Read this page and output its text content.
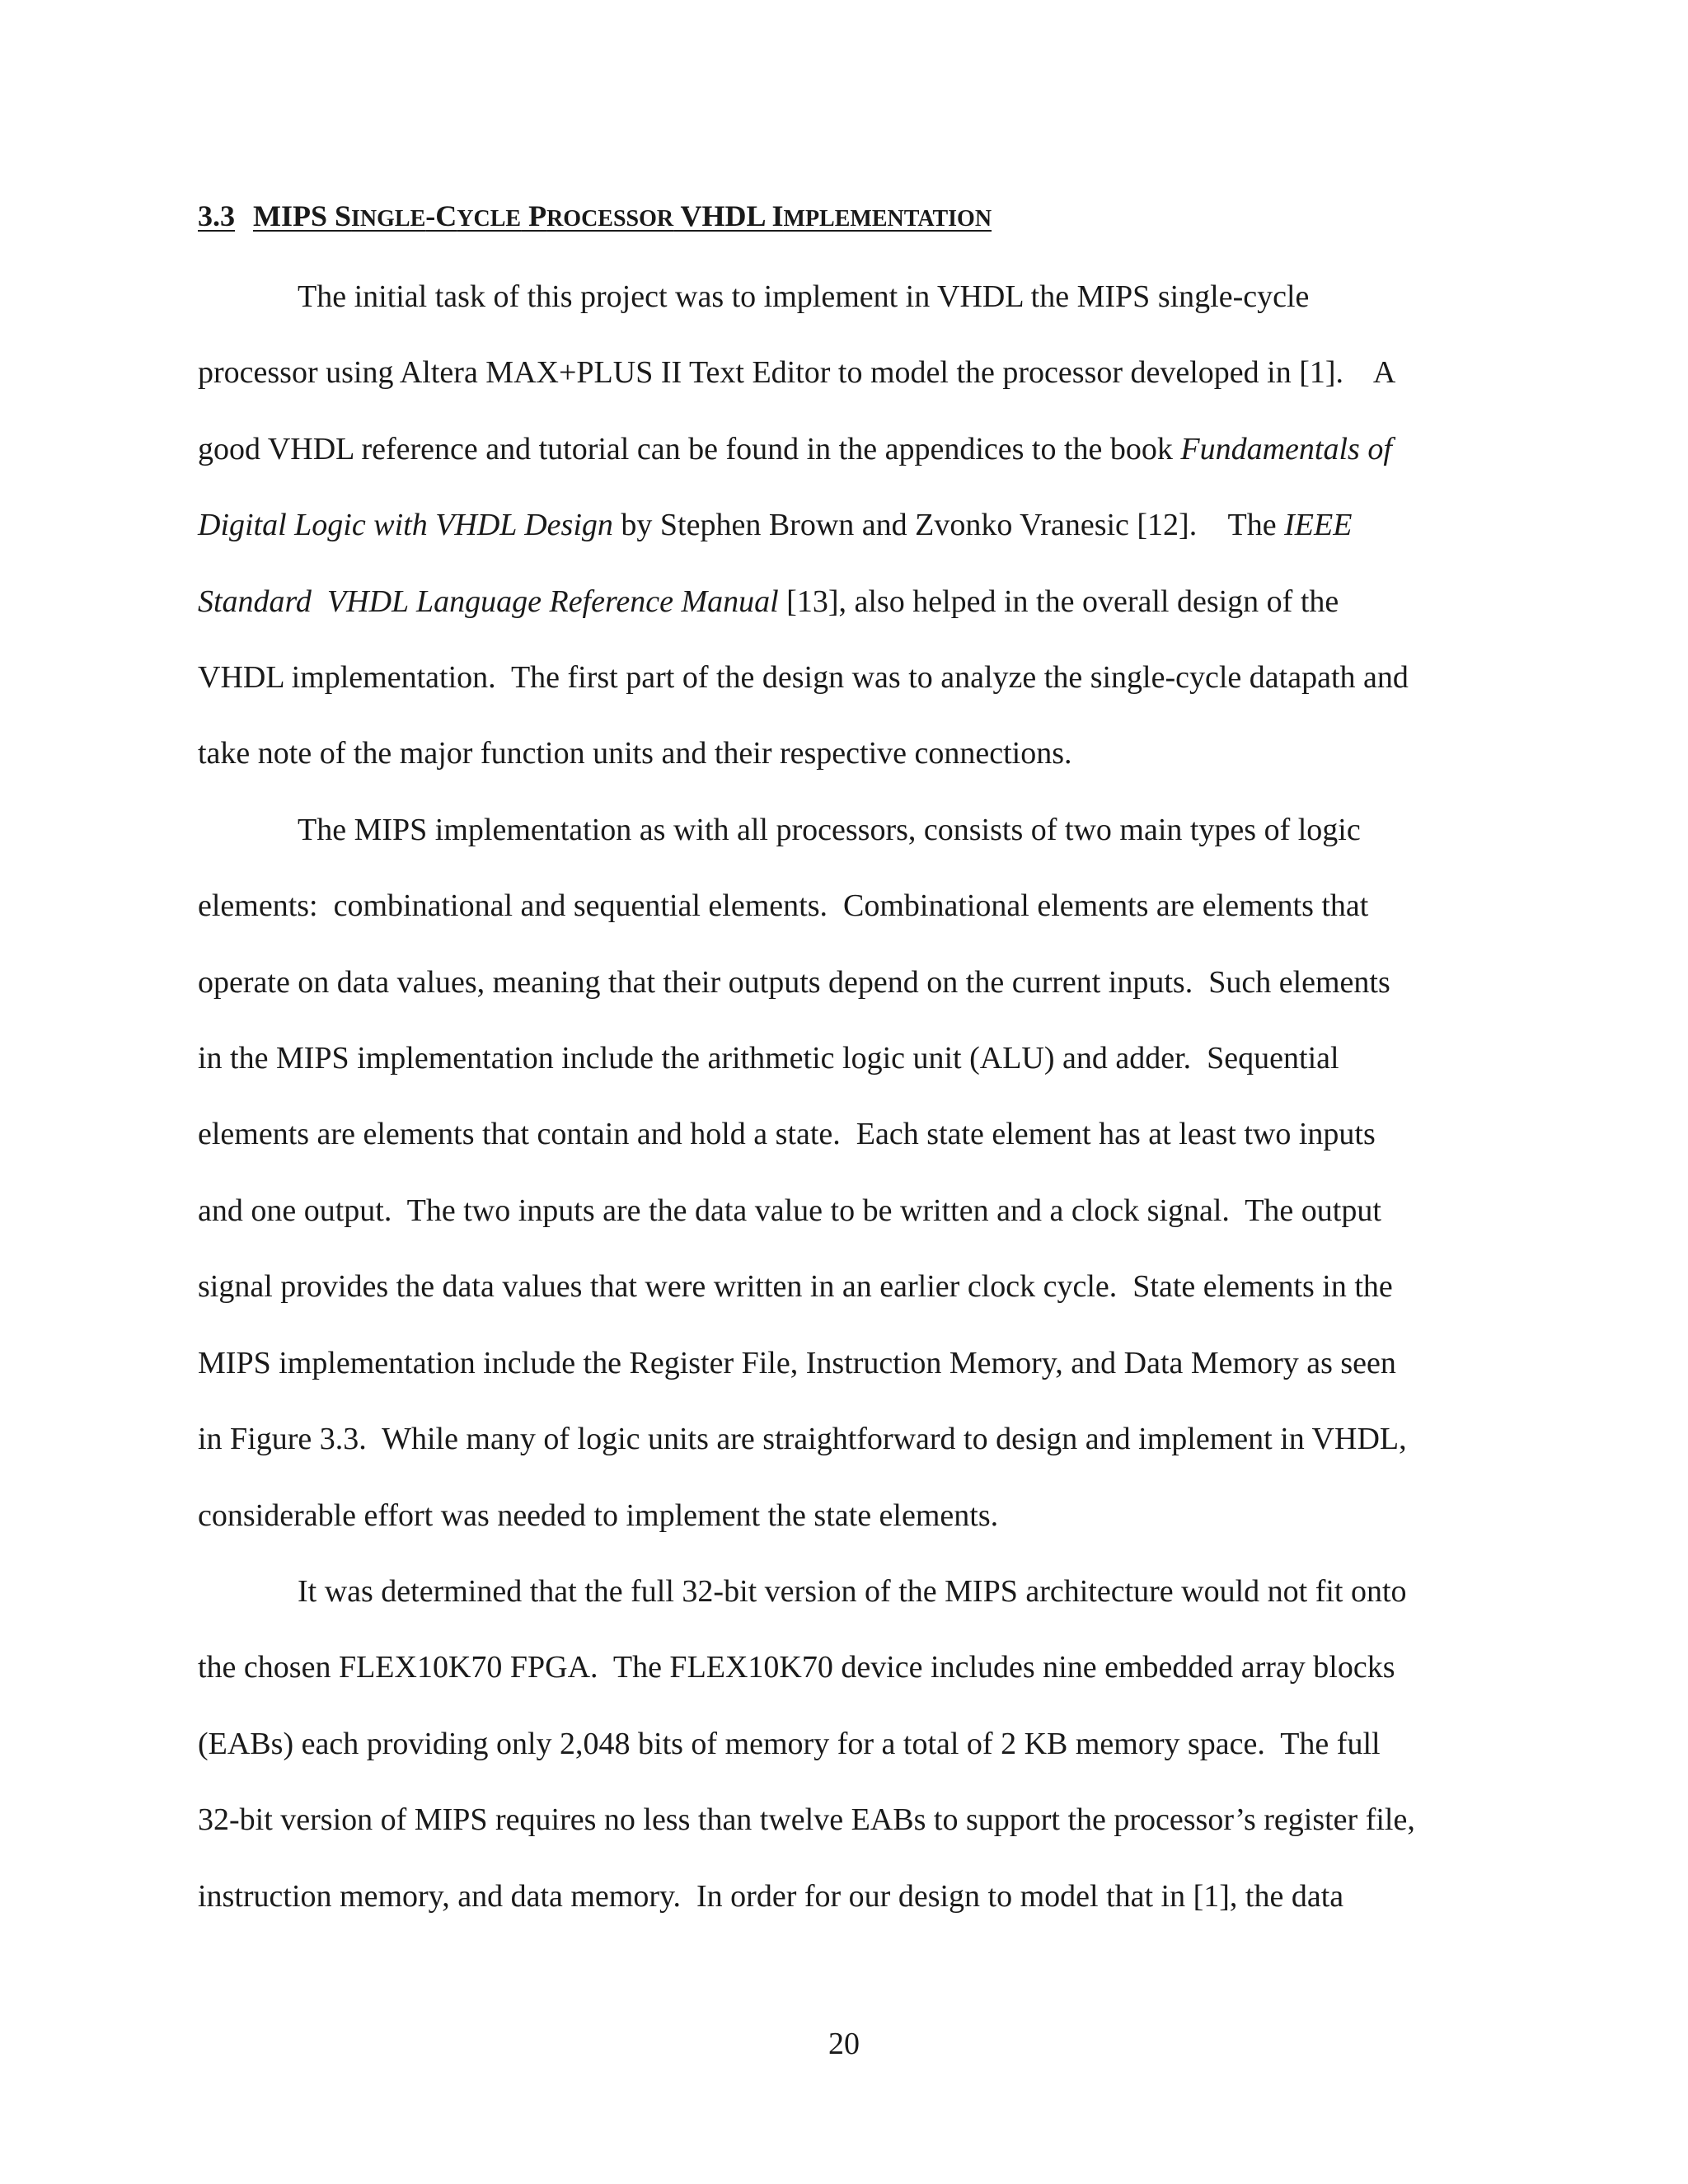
3.3 MIPS SINGLE-CYCLE PROCESSOR VHDL IMPLEMENTATION

The initial task of this project was to implement in VHDL the MIPS single-cycle
processor using Altera MAX+PLUS II Text Editor to model the processor developed in [1].    A
good VHDL reference and tutorial can be found in the appendices to the book Fundamentals of
Digital Logic with VHDL Design by Stephen Brown and Zvonko Vranesic [12].    The IEEE
Standard  VHDL Language Reference Manual [13], also helped in the overall design of the
VHDL implementation.  The first part of the design was to analyze the single-cycle datapath and
take note of the major function units and their respective connections.

The MIPS implementation as with all processors, consists of two main types of logic
elements:  combinational and sequential elements.  Combinational elements are elements that
operate on data values, meaning that their outputs depend on the current inputs.  Such elements
in the MIPS implementation include the arithmetic logic unit (ALU) and adder.  Sequential
elements are elements that contain and hold a state.  Each state element has at least two inputs
and one output.  The two inputs are the data value to be written and a clock signal.  The output
signal provides the data values that were written in an earlier clock cycle.  State elements in the
MIPS implementation include the Register File, Instruction Memory, and Data Memory as seen
in Figure 3.3.  While many of logic units are straightforward to design and implement in VHDL,
considerable effort was needed to implement the state elements.

It was determined that the full 32-bit version of the MIPS architecture would not fit onto
the chosen FLEX10K70 FPGA.  The FLEX10K70 device includes nine embedded array blocks
(EABs) each providing only 2,048 bits of memory for a total of 2 KB memory space.  The full
32-bit version of MIPS requires no less than twelve EABs to support the processor’s register file,
instruction memory, and data memory.  In order for our design to model that in [1], the data

20
